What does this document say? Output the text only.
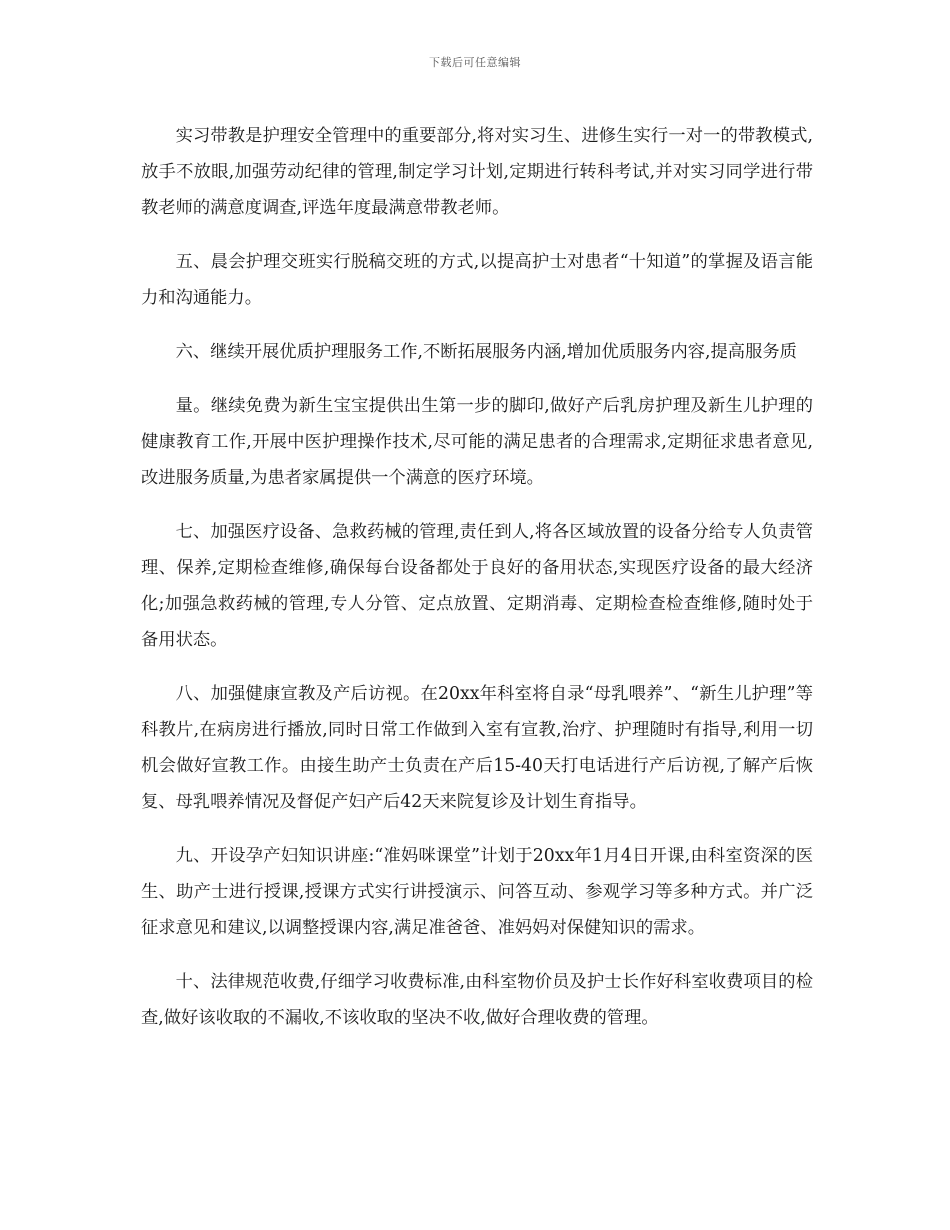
下载后可任意编辑

实习带教是护理安全管理中的重要部分,将对实习生、进修生实行一对一的带教模式,放手不放眼,加强劳动纪律的管理,制定学习计划,定期进行转科考试,并对实习同学进行带教老师的满意度调查,评选年度最满意带教老师。

五、晨会护理交班实行脱稿交班的方式,以提高护士对患者“十知道”的掌握及语言能力和沟通能力。

六、继续开展优质护理服务工作,不断拓展服务内涵,增加优质服务内容,提高服务质

量。继续免费为新生宝宝提供出生第一步的脚印,做好产后乳房护理及新生儿护理的健康教育工作,开展中医护理操作技术,尽可能的满足患者的合理需求,定期征求患者意见,改进服务质量,为患者家属提供一个满意的医疗环境。

七、加强医疗设备、急救药械的管理,责任到人,将各区域放置的设备分给专人负责管理、保养,定期检查维修,确保每台设备都处于良好的备用状态,实现医疗设备的最大经济化;加强急救药械的管理,专人分管、定点放置、定期消毒、定期检查检查维修,随时处于备用状态。

八、加强健康宣教及产后访视。在20xx年科室将自录“母乳喂养”、“新生儿护理”等科教片,在病房进行播放,同时日常工作做到入室有宣教,治疗、护理随时有指导,利用一切机会做好宣教工作。由接生助产士负责在产后15-40天打电话进行产后访视,了解产后恢复、母乳喂养情况及督促产妇产后42天来院复诊及计划生育指导。

九、开设孕产妇知识讲座:“准妈咪课堂”计划于20xx年1月4日开课,由科室资深的医生、助产士进行授课,授课方式实行讲授演示、问答互动、参观学习等多种方式。并广泛征求意见和建议,以调整授课内容,满足准爸爸、准妈妈对保健知识的需求。

十、法律规范收费,仔细学习收费标准,由科室物价员及护士长作好科室收费项目的检查,做好该收取的不漏收,不该收取的坚决不收,做好合理收费的管理。
